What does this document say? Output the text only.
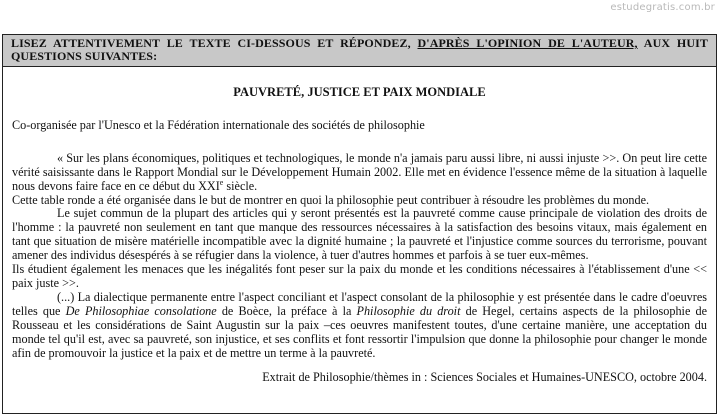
estudegratis.com.br
LISEZ ATTENTIVEMENT LE TEXTE CI-DESSOUS ET RÉPONDEZ, D'APRÈS L'OPINION DE L'AUTEUR, AUX HUIT QUESTIONS SUIVANTES:
PAUVRETÉ, JUSTICE ET PAIX MONDIALE

Co-organisée par l'Unesco et la Fédération internationale des sociétés de philosophie

« Sur les plans économiques, politiques et technologiques, le monde n'a jamais paru aussi libre, ni aussi injuste >>. On peut lire cette vérité saisissante dans le Rapport Mondial sur le Développement Humain 2002. Elle met en évidence l'essence même de la situation à laquelle nous devons faire face en ce début du XXIe siècle.

Cette table ronde a été organisée dans le but de montrer en quoi la philosophie peut contribuer à résoudre les problèmes du monde.

Le sujet commun de la plupart des articles qui y seront présentés est la pauvreté comme cause principale de violation des droits de l'homme : la pauvreté non seulement en tant que manque des ressources nécessaires à la satisfaction des besoins vitaux, mais également en tant que situation de misère matérielle incompatible avec la dignité humaine ; la pauvreté et l'injustice comme sources du terrorisme, pouvant amener des individus désespérés à se réfugier dans la violence, à tuer d'autres hommes et parfois à se tuer eux-mêmes.

Ils étudient également les menaces que les inégalités font peser sur la paix du monde et les conditions nécessaires à l'établissement d'une << paix juste >>.

(...) La dialectique permanente entre l'aspect conciliant et l'aspect consolant de la philosophie y est présentée dans le cadre d'oeuvres telles que De Philosophiae consolatione de Boèce, la préface à la Philosophie du droit de Hegel, certains aspects de la philosophie de Rousseau et les considérations de Saint Augustin sur la paix –ces oeuvres manifestent toutes, d'une certaine manière, une acceptation du monde tel qu'il est, avec sa pauvreté, son injustice, et ses conflits et font ressortir l'impulsion que donne la philosophie pour changer le monde afin de promouvoir la justice et la paix et de mettre un terme à la pauvreté.

Extrait de Philosophie/thèmes in : Sciences Sociales et Humaines-UNESCO, octobre 2004.
